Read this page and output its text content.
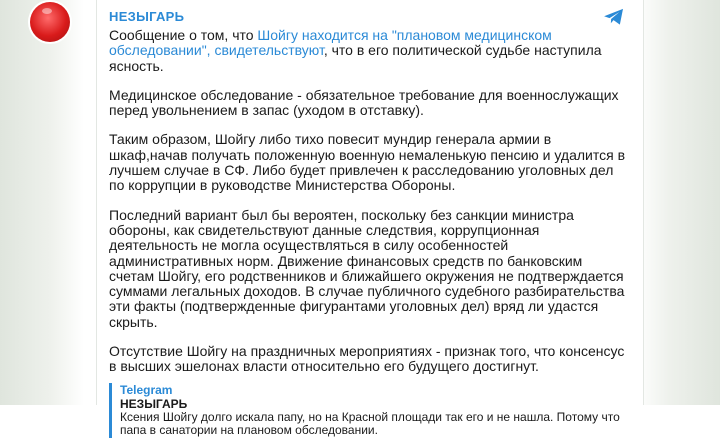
НЕЗЫГАРЬ

Сообщение о том, что Шойгу находится на "плановом медицинском обследовании", свидетельствуют, что в его политической судьбе наступила ясность.

Медицинское обследование - обязательное требование для военнослужащих перед увольнением в запас (уходом в отставку).

Таким образом, Шойгу либо тихо повесит мундир генерала армии в шкаф,начав получать положенную военную немаленькую пенсию и удалится в лучшем случае в СФ. Либо будет привлечен к расследованию уголовных дел по коррупции в руководстве Министерства Обороны.

Последний вариант был бы вероятен, поскольку без санкции министра обороны, как свидетельствуют данные следствия, коррупционная деятельность не могла осуществляться в силу особенностей административных норм. Движение финансовых средств по банковским счетам Шойгу, его родственников и ближайшего окружения не подтверждается суммами легальных доходов. В случае публичного судебного разбирательства эти факты (подтвержденные фигурантами уголовных дел) вряд ли удастся скрыть.

Отсутствие Шойгу на праздничных мероприятиях - признак того, что консенсус в высших эшелонах власти относительно его будущего достигнут.

Telegram
НЕЗЫГАРЬ
Ксения Шойгу долго искала папу, но на Красной площади так его и не нашла. Потому что папа в санатории на плановом обследовании.
